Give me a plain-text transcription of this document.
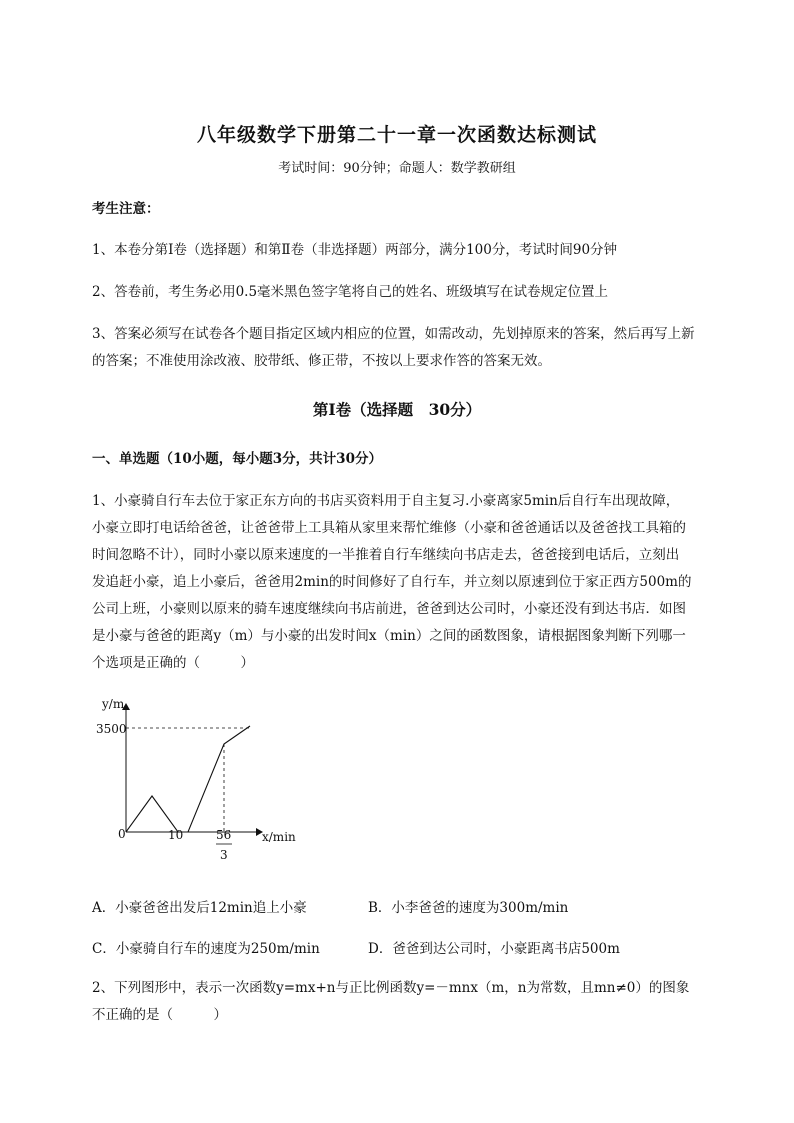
八年级数学下册第二十一章一次函数达标测试
考试时间：90分钟；命题人：数学教研组
考生注意：
1、本卷分第I卷（选择题）和第Ⅱ卷（非选择题）两部分，满分100分，考试时间90分钟
2、答卷前，考生务必用0.5毫米黑色签字笔将自己的姓名、班级填写在试卷规定位置上
3、答案必须写在试卷各个题目指定区域内相应的位置，如需改动，先划掉原来的答案，然后再写上新
的答案；不准使用涂改液、胶带纸、修正带，不按以上要求作答的答案无效。
第I卷（选择题　30分）
一、单选题（10小题，每小题3分，共计30分）
1、小豪骑自行车去位于家正东方向的书店买资料用于自主复习.小豪离家5min后自行车出现故障，
小豪立即打电话给爸爸，让爸爸带上工具箱从家里来帮忙维修（小豪和爸爸通话以及爸爸找工具箱的
时间忽略不计），同时小豪以原来速度的一半推着自行车继续向书店走去，爸爸接到电话后，立刻出
发追赶小豪，追上小豪后，爸爸用2min的时间修好了自行车，并立刻以原速到位于家正西方500m的
公司上班，小豪则以原来的骑车速度继续向书店前进，爸爸到达公司时，小豪还没有到达书店．如图
是小豪与爸爸的距离y（m）与小豪的出发时间x（min）之间的函数图象，请根据图象判断下列哪一
个选项是正确的（　　　）
y/m
3500
0	10	56
3
x/min
A．小豪爸爸出发后12min追上小豪	B．小李爸爸的速度为300m/min
C．小豪骑自行车的速度为250m/min	D．爸爸到达公司时，小豪距离书店500m
2、下列图形中，表示一次函数y=mx+n与正比例函数y=－mnx（m，n为常数，且mn≠0）的图象
不正确的是（　　　）
